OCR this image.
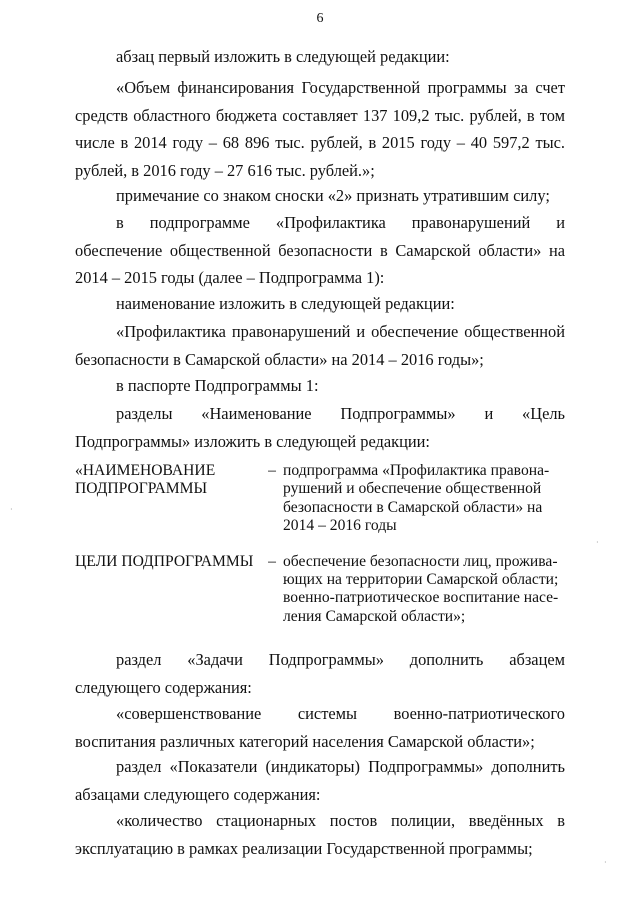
6

абзац первый изложить в следующей редакции:

«Объем финансирования Государственной программы за счет средств областного бюджета составляет 137 109,2 тыс. рублей, в том числе в 2014 году – 68 896 тыс. рублей, в 2015 году – 40 597,2 тыс. рублей, в 2016 году – 27 616 тыс. рублей.»;

примечание со знаком сноски «2» признать утратившим силу;

в подпрограмме «Профилактика правонарушений и обеспечение общественной безопасности в Самарской области» на 2014 – 2015 годы (далее – Подпрограмма 1):

наименование изложить в следующей редакции:

«Профилактика правонарушений и обеспечение общественной безопасности в Самарской области» на 2014 – 2016 годы»;

в паспорте Подпрограммы 1:

разделы «Наименование Подпрограммы» и «Цель Подпрограммы» изложить в следующей редакции:

«НАИМЕНОВАНИЕ
ПОДПРОГРАММЫ
– подпрограмма «Профилактика правона-
рушений и обеспечение общественной
безопасности в Самарской области» на
2014 – 2016 годы
ЦЕЛИ ПОДПРОГРАММЫ – обеспечение безопасности лиц, прожива-
ющих на территории Самарской области;
военно-патриотическое воспитание насе-
ления Самарской области»;

раздел «Задачи Подпрограммы» дополнить абзацем следующего содержания:

«совершенствование системы военно-патриотического воспитания различных категорий населения Самарской области»;

раздел «Показатели (индикаторы) Подпрограммы» дополнить абзацами следующего содержания:

«количество стационарных постов полиции, введённых в эксплуатацию в рамках реализации Государственной программы;

·
·
·
